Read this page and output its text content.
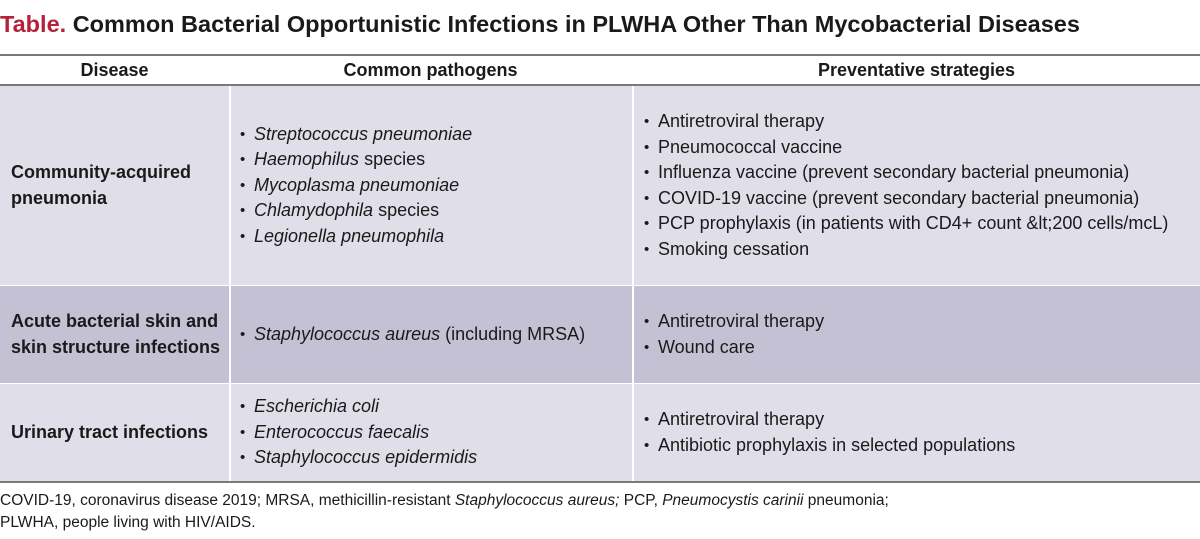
Table. Common Bacterial Opportunistic Infections in PLWHA Other Than Mycobacterial Diseases
Disease	Common pathogens	Preventative strategies
Community-acquired pneumonia
• Streptococcus pneumoniae
• Haemophilus species
• Mycoplasma pneumoniae
• Chlamydophila species
• Legionella pneumophila
• Antiretroviral therapy
• Pneumococcal vaccine
• Influenza vaccine (prevent secondary bacterial pneumonia)
• COVID-19 vaccine (prevent secondary bacterial pneumonia)
• PCP prophylaxis (in patients with CD4+ count &lt;200 cells/mcL)
• Smoking cessation
Acute bacterial skin and skin structure infections
• Staphylococcus aureus (including MRSA)
• Antiretroviral therapy
• Wound care
Urinary tract infections
• Escherichia coli
• Enterococcus faecalis
• Staphylococcus epidermidis
• Antiretroviral therapy
• Antibiotic prophylaxis in selected populations
COVID-19, coronavirus disease 2019; MRSA, methicillin-resistant Staphylococcus aureus; PCP, Pneumocystis carinii pneumonia;
PLWHA, people living with HIV/AIDS.
